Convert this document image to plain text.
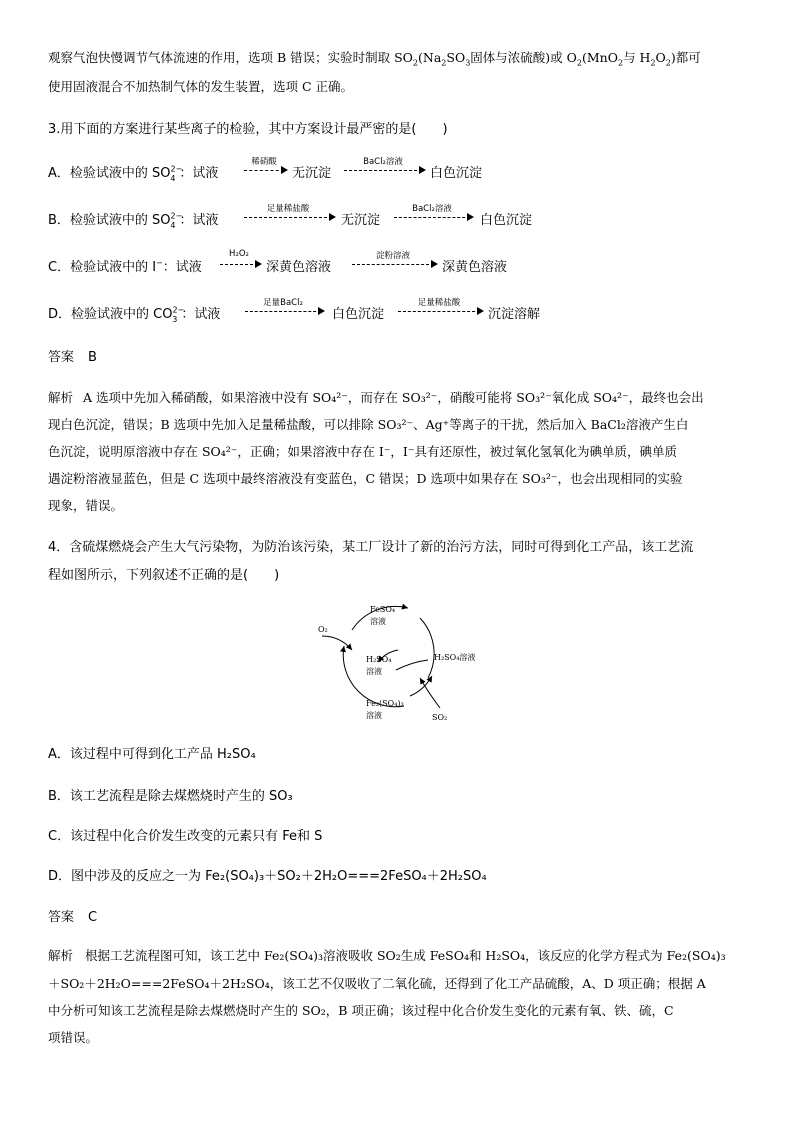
观察气泡快慢调节气体流速的作用，选项 B 错误；实验时制取 $SO_2(Na_2SO_3$固体与浓硫酸)或 $O_2(MnO_2$与 $H_2O_2$)都可
使用固液混合不加热制气体的发生装置，选项 C 正确。
3.用下面的方案进行某些离子的检验，其中方案设计最严密的是(　　)
A．检验试液中的 $SO^{2-}_4$ ：试液
稀硝酸
无沉淀
BaCl₂溶液
白色沉淀
B．检验试液中的 $SO^{2-}_4$ ：试液
足量稀盐酸
无沉淀
BaCl₂溶液
白色沉淀
C．检验试液中的 I−：试液
H₂O₂
深黄色溶液
淀粉溶液
深黄色溶液
D．检验试液中的 $CO^{2-}_3$ ：试液
足量BaCl₂
白色沉淀
足量稀盐酸
沉淀溶解
答案 B
解析 A 选项中先加入稀硝酸，如果溶液中没有 SO₄²⁻，而存在 SO₃²⁻，硝酸可能将 SO₃²⁻氧化成 SO₄²⁻，最终也会出
现白色沉淀，错误；B 选项中先加入足量稀盐酸，可以排除 SO₃²⁻、Ag⁺等离子的干扰，然后加入 BaCl₂溶液产生白
色沉淀，说明原溶液中存在 SO₄²⁻，正确；如果溶液中存在 I⁻，I⁻具有还原性，被过氧化氢氧化为碘单质，碘单质
遇淀粉溶液显蓝色，但是 C 选项中最终溶液没有变蓝色，C 错误；D 选项中如果存在 SO₃²⁻，也会出现相同的实验
现象，错误。
4．含硫煤燃烧会产生大气污染物，为防治该污染，某工厂设计了新的治污方法，同时可得到化工产品，该工艺流
程如图所示，下列叙述不正确的是(　　)
O₂
FeSO₄
溶液
H₂SO₄
溶液
H₂SO₄溶液
Fe₂(SO₄)₃
溶液	SO₂
A．该过程中可得到化工产品 H₂SO₄
B．该工艺流程是除去煤燃烧时产生的 SO₃
C．该过程中化合价发生改变的元素只有 Fe和 S
D．图中涉及的反应之一为 Fe₂(SO₄)₃＋SO₂＋2H₂O===2FeSO₄＋2H₂SO₄
答案 C
解析 根据工艺流程图可知，该工艺中 Fe₂(SO₄)₃溶液吸收 SO₂生成 FeSO₄和 H₂SO₄，该反应的化学方程式为 Fe₂(SO₄)₃
＋SO₂＋2H₂O===2FeSO₄＋2H₂SO₄，该工艺不仅吸收了二氧化硫，还得到了化工产品硫酸，A、D 项正确；根据 A
中分析可知该工艺流程是除去煤燃烧时产生的 SO₂，B 项正确；该过程中化合价发生变化的元素有氧、铁、硫，C
项错误。
